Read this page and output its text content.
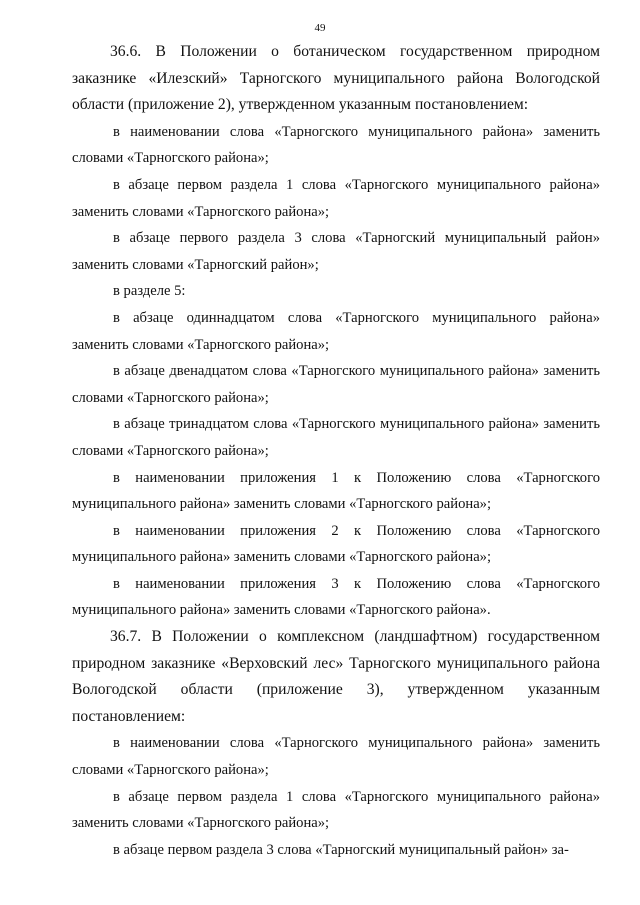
49

36.6. В Положении о ботаническом государственном природном заказнике «Илезский» Тарногского муниципального района Вологодской области (приложение 2), утвержденном указанным постановлением:

в наименовании слова «Тарногского муниципального района» заменить словами «Тарногского района»;

в абзаце первом раздела 1 слова «Тарногского муниципального района» заменить словами «Тарногского района»;

в абзаце первого раздела 3 слова «Тарногский муниципальный район» заменить словами «Тарногский район»;

в разделе 5:

в абзаце одиннадцатом слова «Тарногского муниципального района» заменить словами «Тарногского района»;

в абзаце двенадцатом слова «Тарногского муниципального района» заменить словами «Тарногского района»;

в абзаце тринадцатом слова «Тарногского муниципального района» заменить словами «Тарногского района»;

в наименовании приложения 1 к Положению слова «Тарногского муниципального района» заменить словами «Тарногского района»;

в наименовании приложения 2 к Положению слова «Тарногского муниципального района» заменить словами «Тарногского района»;

в наименовании приложения 3 к Положению слова «Тарногского муниципального района» заменить словами «Тарногского района».

36.7. В Положении о комплексном (ландшафтном) государственном природном заказнике «Верховский лес» Тарногского муниципального района Вологодской области (приложение 3), утвержденном указанным постановлением:

в наименовании слова «Тарногского муниципального района» заменить словами «Тарногского района»;

в абзаце первом раздела 1 слова «Тарногского муниципального района» заменить словами «Тарногского района»;

в абзаце первом раздела 3 слова «Тарногский муниципальный район» за-
